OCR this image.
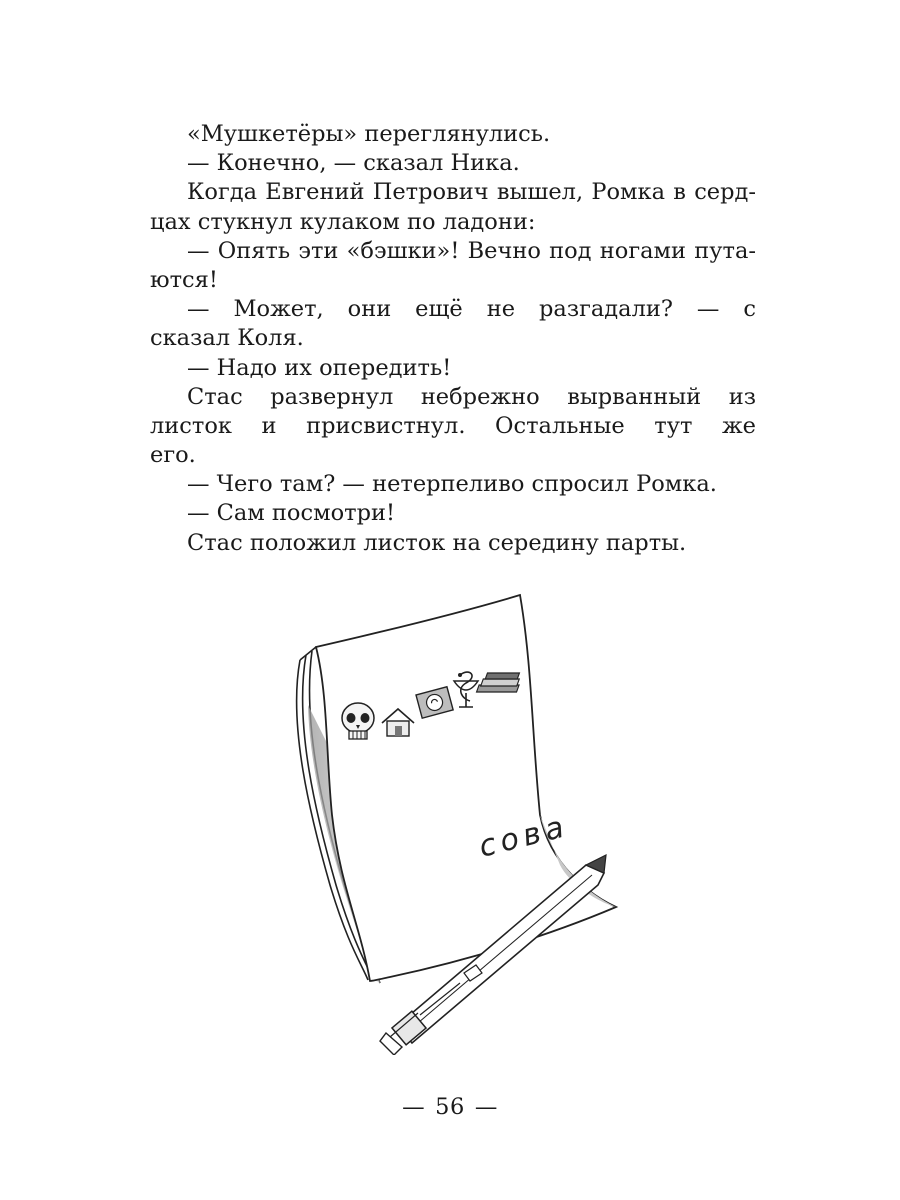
«Мушкетёры» переглянулись.
— Конечно, — сказал Ника.
Когда Евгений Петрович вышел, Ромка в серд-
цах стукнул кулаком по ладони:
— Опять эти «бэшки»! Вечно под ногами пута-
ются!
— Может, они ещё не разгадали? — с
сказал Коля.
— Надо их опередить!
Стас развернул небрежно вырванный из
листок и присвистнул. Остальные тут же
его.
— Чего там? — нетерпеливо спросил Ромка.
— Сам посмотри!
Стас положил листок на середину парты.
сова
— 56 —
